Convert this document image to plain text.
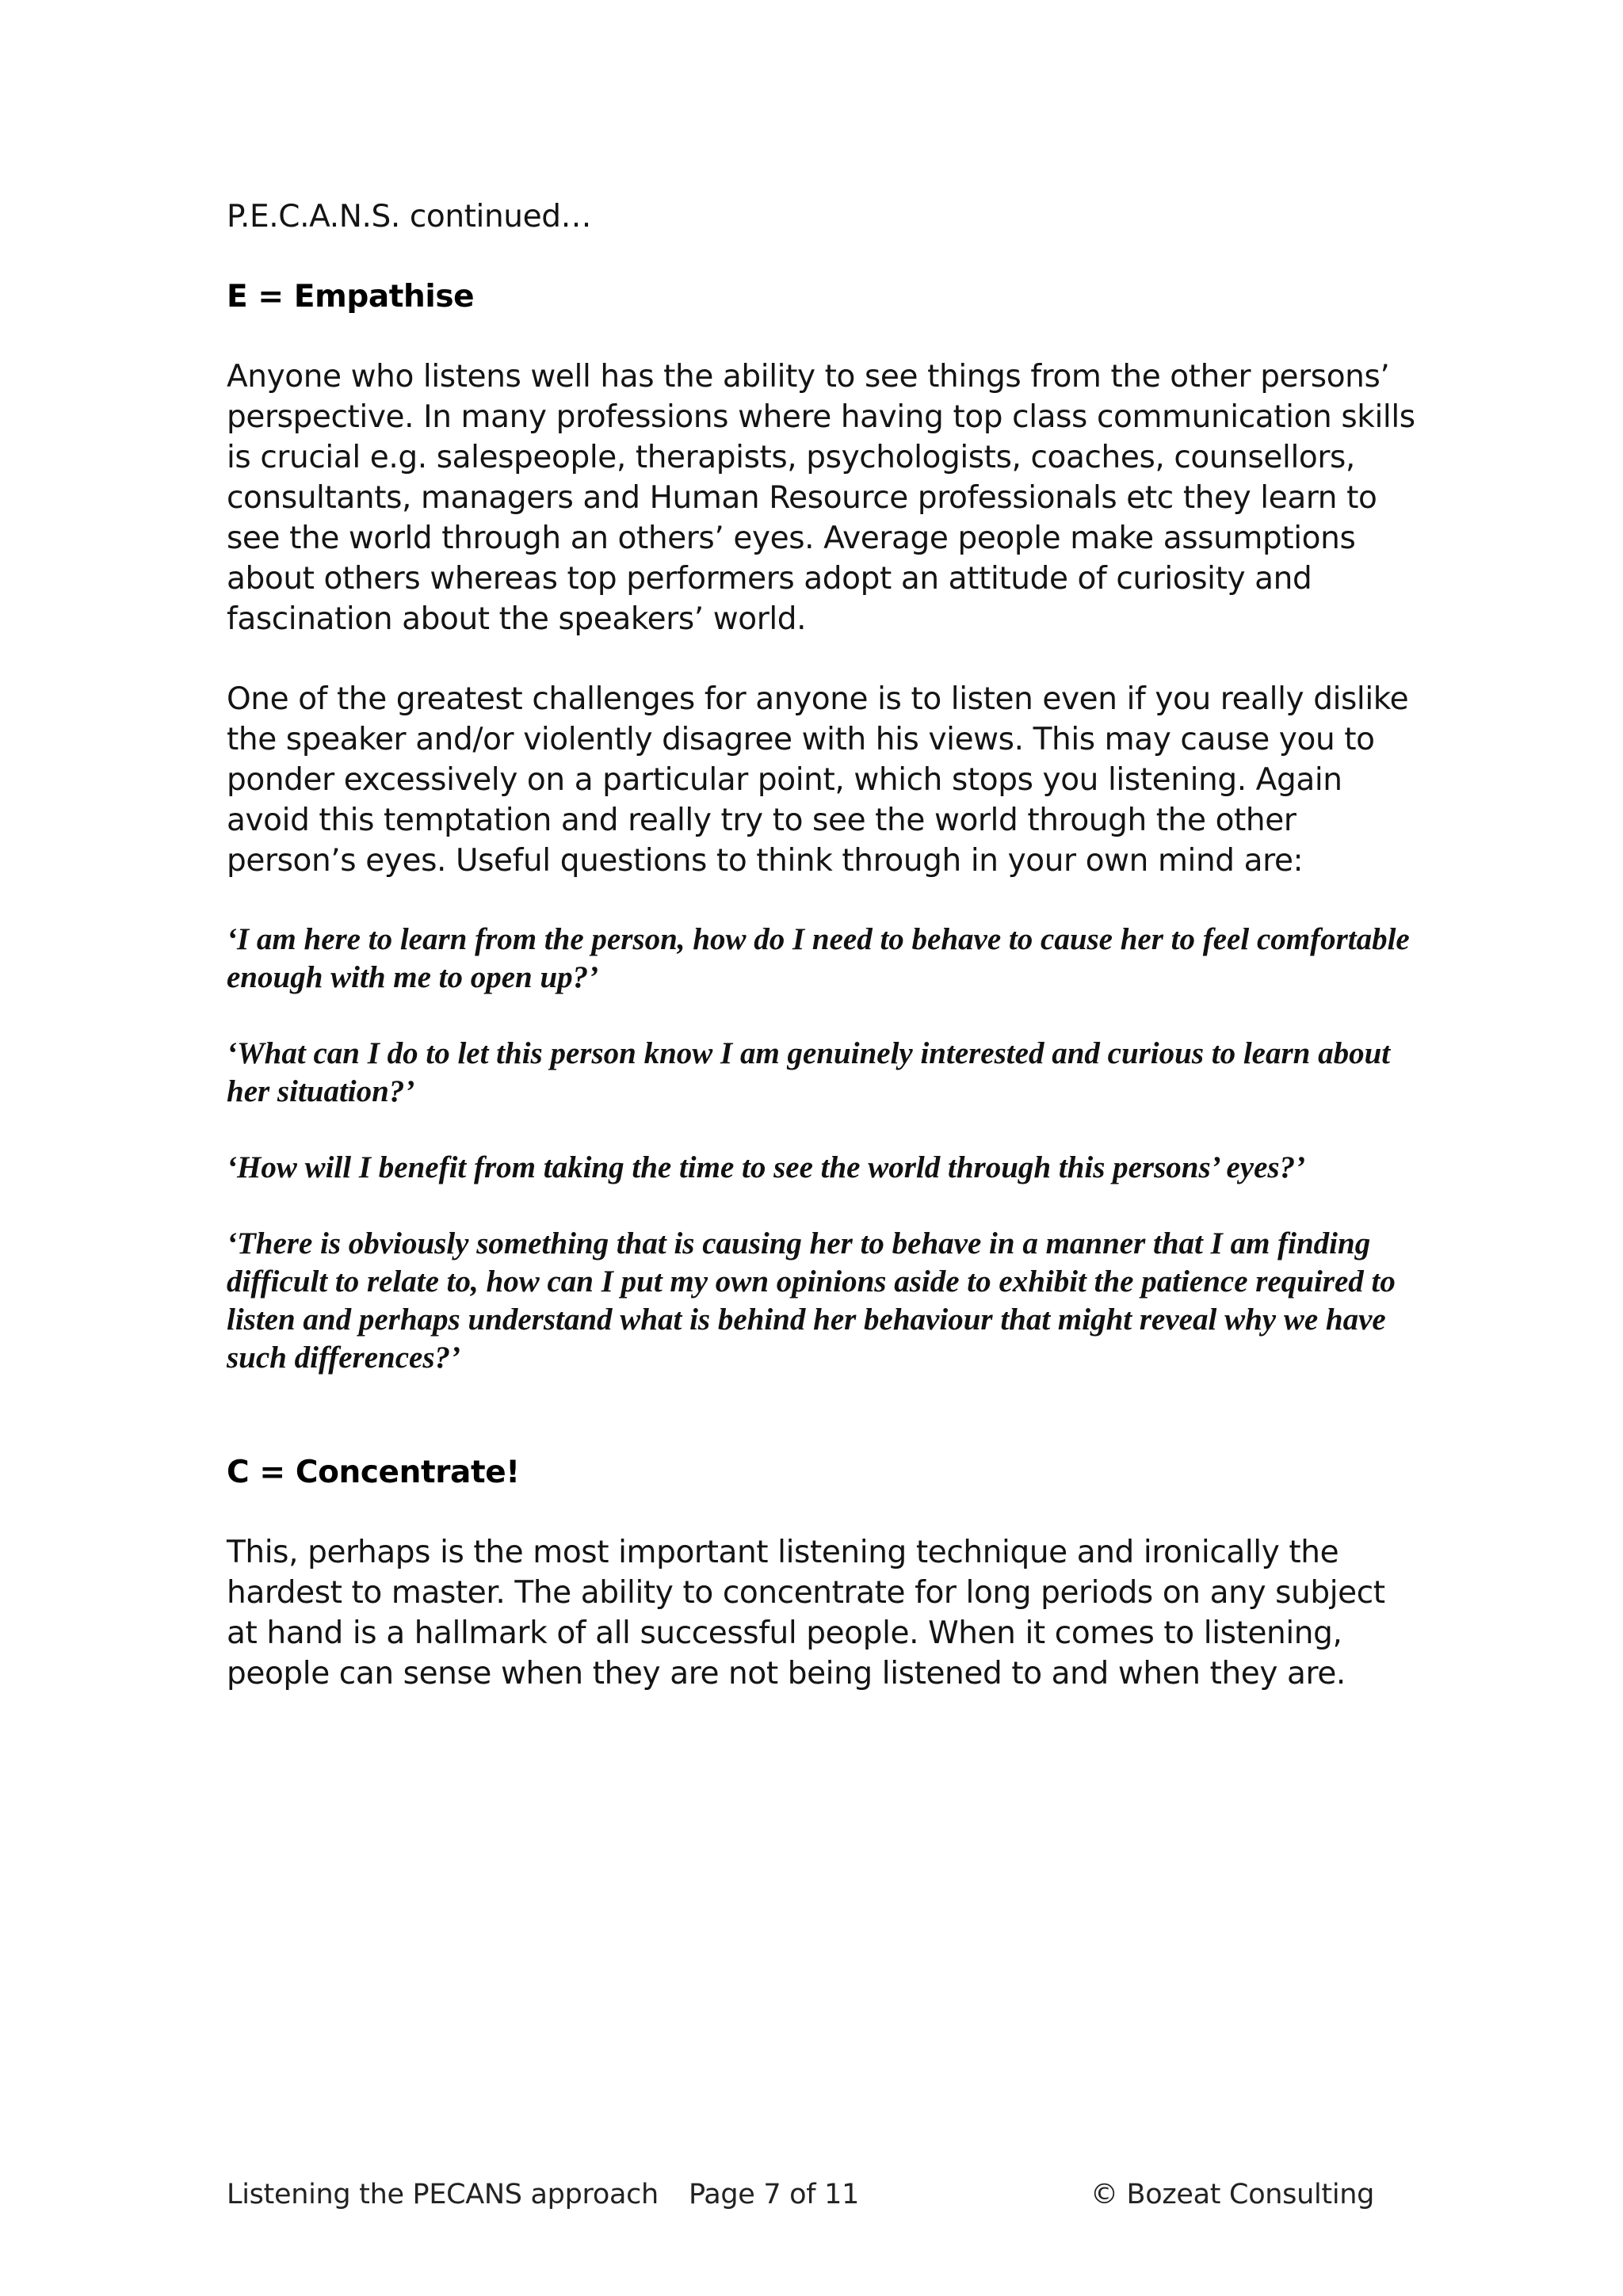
P.E.C.A.N.S. continued…

E = Empathise

Anyone who listens well has the ability to see things from the other persons’ perspective. In many professions where having top class communication skills is crucial e.g. salespeople, therapists, psychologists, coaches, counsellors, consultants, managers and Human Resource professionals etc they learn to see the world through an others’ eyes. Average people make assumptions about others whereas top performers adopt an attitude of curiosity and fascination about the speakers’ world.

One of the greatest challenges for anyone is to listen even if you really dislike the speaker and/or violently disagree with his views. This may cause you to ponder excessively on a particular point, which stops you listening. Again avoid this temptation and really try to see the world through the other person’s eyes. Useful questions to think through in your own mind are:

‘I am here to learn from the person, how do I need to behave to cause her to feel comfortable enough with me to open up?’

‘What can I do to let this person know I am genuinely interested and curious to learn about her situation?’

‘How will I benefit from taking the time to see the world through this persons’ eyes?’

‘There is obviously something that is causing her to behave in a manner that I am finding difficult to relate to, how can I put my own opinions aside to exhibit the patience required to listen and perhaps understand what is behind her behaviour that might reveal why we have such differences?’

C = Concentrate!

This, perhaps is the most important listening technique and ironically the hardest to master. The ability to concentrate for long periods on any subject at hand is a hallmark of all successful people. When it comes to listening, people can sense when they are not being listened to and when they are.

Listening the PECANS approach Page 7 of 11	© Bozeat Consulting
